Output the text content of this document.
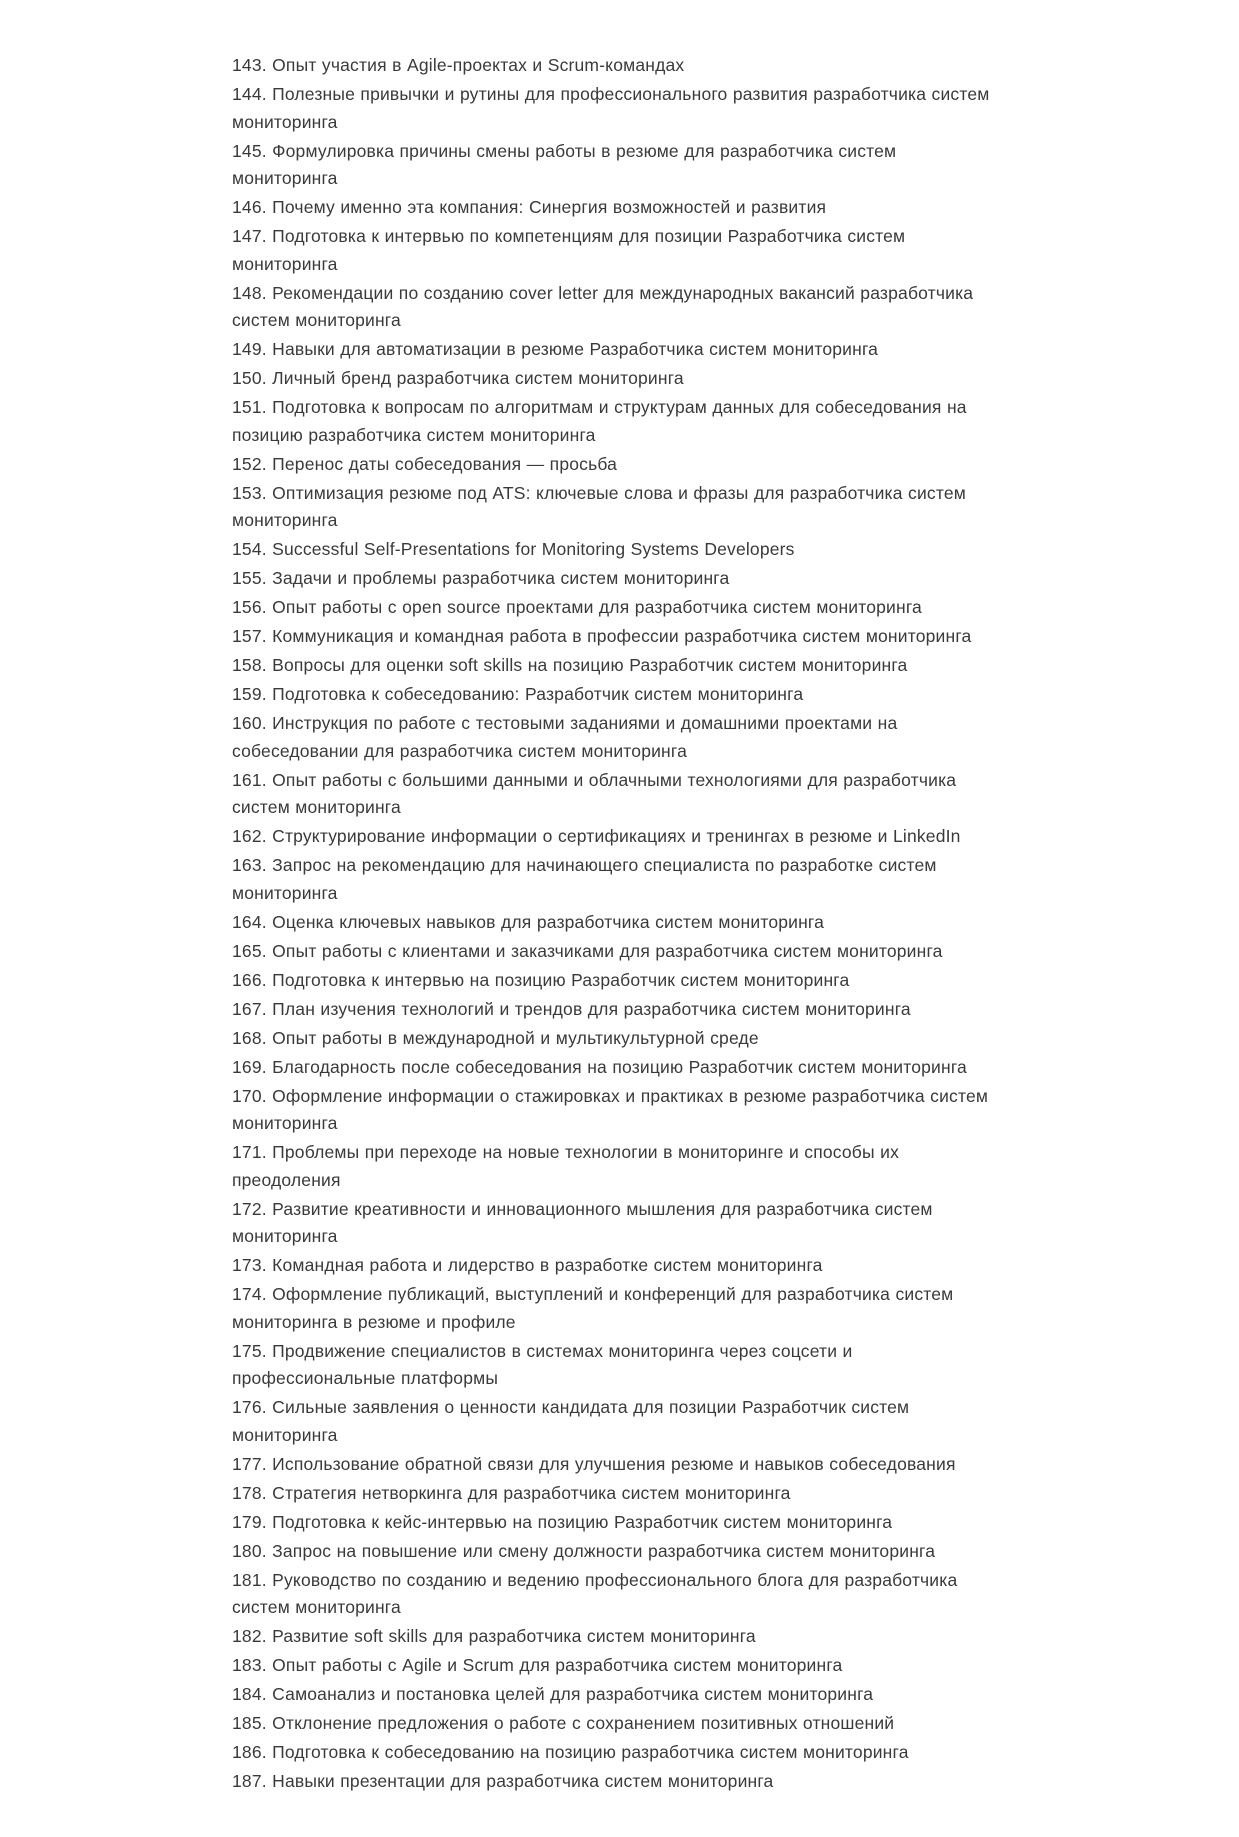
143. Опыт участия в Agile-проектах и Scrum-командах
144. Полезные привычки и рутины для профессионального развития разработчика систем мониторинга
145. Формулировка причины смены работы в резюме для разработчика систем мониторинга
146. Почему именно эта компания: Синергия возможностей и развития
147. Подготовка к интервью по компетенциям для позиции Разработчика систем мониторинга
148. Рекомендации по созданию cover letter для международных вакансий разработчика систем мониторинга
149. Навыки для автоматизации в резюме Разработчика систем мониторинга
150. Личный бренд разработчика систем мониторинга
151. Подготовка к вопросам по алгоритмам и структурам данных для собеседования на позицию разработчика систем мониторинга
152. Перенос даты собеседования — просьба
153. Оптимизация резюме под ATS: ключевые слова и фразы для разработчика систем мониторинга
154. Successful Self-Presentations for Monitoring Systems Developers
155. Задачи и проблемы разработчика систем мониторинга
156. Опыт работы с open source проектами для разработчика систем мониторинга
157. Коммуникация и командная работа в профессии разработчика систем мониторинга
158. Вопросы для оценки soft skills на позицию Разработчик систем мониторинга
159. Подготовка к собеседованию: Разработчик систем мониторинга
160. Инструкция по работе с тестовыми заданиями и домашними проектами на собеседовании для разработчика систем мониторинга
161. Опыт работы с большими данными и облачными технологиями для разработчика систем мониторинга
162. Структурирование информации о сертификациях и тренингах в резюме и LinkedIn
163. Запрос на рекомендацию для начинающего специалиста по разработке систем мониторинга
164. Оценка ключевых навыков для разработчика систем мониторинга
165. Опыт работы с клиентами и заказчиками для разработчика систем мониторинга
166. Подготовка к интервью на позицию Разработчик систем мониторинга
167. План изучения технологий и трендов для разработчика систем мониторинга
168. Опыт работы в международной и мультикультурной среде
169. Благодарность после собеседования на позицию Разработчик систем мониторинга
170. Оформление информации о стажировках и практиках в резюме разработчика систем мониторинга
171. Проблемы при переходе на новые технологии в мониторинге и способы их преодоления
172. Развитие креативности и инновационного мышления для разработчика систем мониторинга
173. Командная работа и лидерство в разработке систем мониторинга
174. Оформление публикаций, выступлений и конференций для разработчика систем мониторинга в резюме и профиле
175. Продвижение специалистов в системах мониторинга через соцсети и профессиональные платформы
176. Сильные заявления о ценности кандидата для позиции Разработчик систем мониторинга
177. Использование обратной связи для улучшения резюме и навыков собеседования
178. Стратегия нетворкинга для разработчика систем мониторинга
179. Подготовка к кейс-интервью на позицию Разработчик систем мониторинга
180. Запрос на повышение или смену должности разработчика систем мониторинга
181. Руководство по созданию и ведению профессионального блога для разработчика систем мониторинга
182. Развитие soft skills для разработчика систем мониторинга
183. Опыт работы с Agile и Scrum для разработчика систем мониторинга
184. Самоанализ и постановка целей для разработчика систем мониторинга
185. Отклонение предложения о работе с сохранением позитивных отношений
186. Подготовка к собеседованию на позицию разработчика систем мониторинга
187. Навыки презентации для разработчика систем мониторинга
